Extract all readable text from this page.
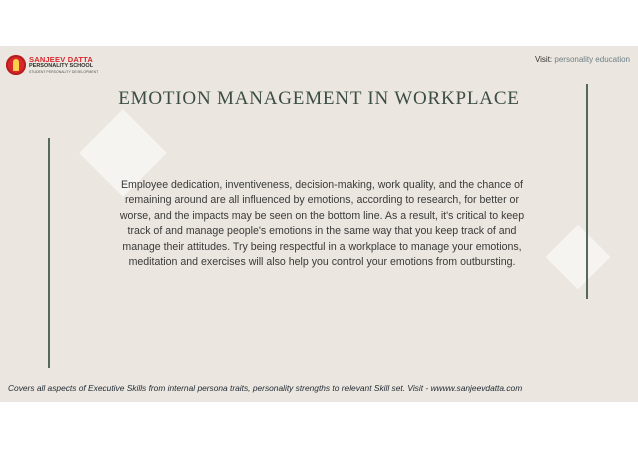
SANJEEV DATTA
PERSONALITY SCHOOL
STUDENT PERSONALITY DEVELOPMENT
Visit: personality education
EMOTION MANAGEMENT IN WORKPLACE

Employee dedication, inventiveness, decision-making, work quality, and the chance of remaining around are all influenced by emotions, according to research, for better or worse, and the impacts may be seen on the bottom line. As a result, it's critical to keep track of and manage people's emotions in the same way that you keep track of and manage their attitudes. Try being respectful in a workplace to manage your emotions, meditation and exercises will also help you control your emotions from outbursting.

Covers all aspects of Executive Skills from internal persona traits, personality strengths to relevant Skill set. Visit - wwww.sanjeevdatta.com
